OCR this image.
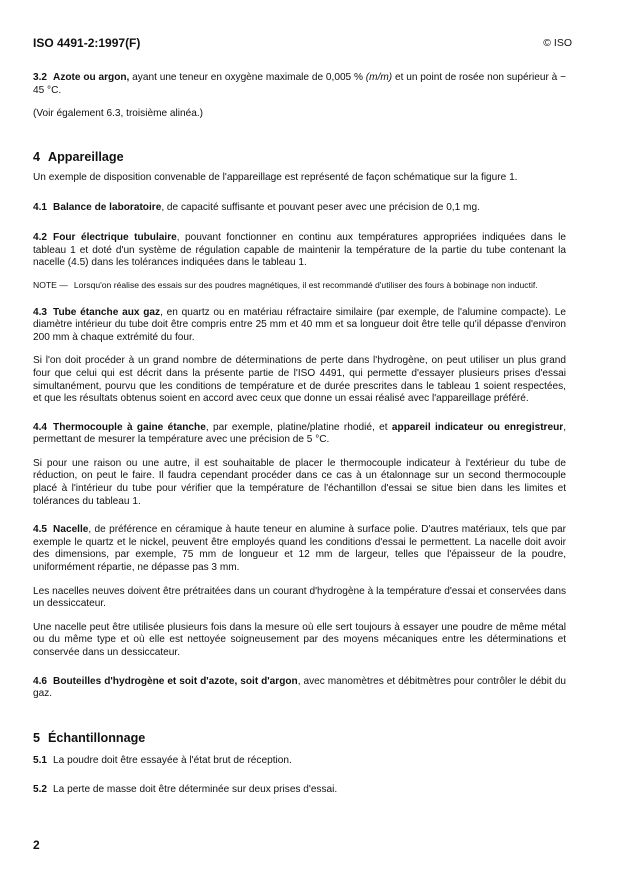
ISO 4491-2:1997(F)	© ISO

3.2 Azote ou argon, ayant une teneur en oxygène maximale de 0,005 % (m/m) et un point de rosée non supérieur à − 45 °C.

(Voir également 6.3, troisième alinéa.)

4 Appareillage

Un exemple de disposition convenable de l'appareillage est représenté de façon schématique sur la figure 1.

4.1 Balance de laboratoire, de capacité suffisante et pouvant peser avec une précision de 0,1 mg.

4.2 Four électrique tubulaire, pouvant fonctionner en continu aux températures appropriées indiquées dans le tableau 1 et doté d'un système de régulation capable de maintenir la température de la partie du tube contenant la nacelle (4.5) dans les tolérances indiquées dans le tableau 1.

NOTE — Lorsqu'on réalise des essais sur des poudres magnétiques, il est recommandé d'utiliser des fours à bobinage non inductif.

4.3 Tube étanche aux gaz, en quartz ou en matériau réfractaire similaire (par exemple, de l'alumine compacte). Le diamètre intérieur du tube doit être compris entre 25 mm et 40 mm et sa longueur doit être telle qu'il dépasse d'environ 200 mm à chaque extrémité du four.

Si l'on doit procéder à un grand nombre de déterminations de perte dans l'hydrogène, on peut utiliser un plus grand four que celui qui est décrit dans la présente partie de l'ISO 4491, qui permette d'essayer plusieurs prises d'essai simultanément, pourvu que les conditions de température et de durée prescrites dans le tableau 1 soient respectées, et que les résultats obtenus soient en accord avec ceux que donne un essai réalisé avec l'appareillage préféré.

4.4 Thermocouple à gaine étanche, par exemple, platine/platine rhodié, et appareil indicateur ou enregistreur, permettant de mesurer la température avec une précision de 5 °C.

Si pour une raison ou une autre, il est souhaitable de placer le thermocouple indicateur à l'extérieur du tube de réduction, on peut le faire. Il faudra cependant procéder dans ce cas à un étalonnage sur un second thermocouple placé à l'intérieur du tube pour vérifier que la température de l'échantillon d'essai se situe bien dans les limites et tolérances du tableau 1.

4.5 Nacelle, de préférence en céramique à haute teneur en alumine à surface polie. D'autres matériaux, tels que par exemple le quartz et le nickel, peuvent être employés quand les conditions d'essai le permettent. La nacelle doit avoir des dimensions, par exemple, 75 mm de longueur et 12 mm de largeur, telles que l'épaisseur de la poudre, uniformément répartie, ne dépasse pas 3 mm.

Les nacelles neuves doivent être prétraitées dans un courant d'hydrogène à la température d'essai et conservées dans un dessiccateur.

Une nacelle peut être utilisée plusieurs fois dans la mesure où elle sert toujours à essayer une poudre de même métal ou du même type et où elle est nettoyée soigneusement par des moyens mécaniques entre les déterminations et conservée dans un dessiccateur.

4.6 Bouteilles d'hydrogène et soit d'azote, soit d'argon, avec manomètres et débitmètres pour contrôler le débit du gaz.

5 Échantillonnage

5.1 La poudre doit être essayée à l'état brut de réception.

5.2 La perte de masse doit être déterminée sur deux prises d'essai.

2
